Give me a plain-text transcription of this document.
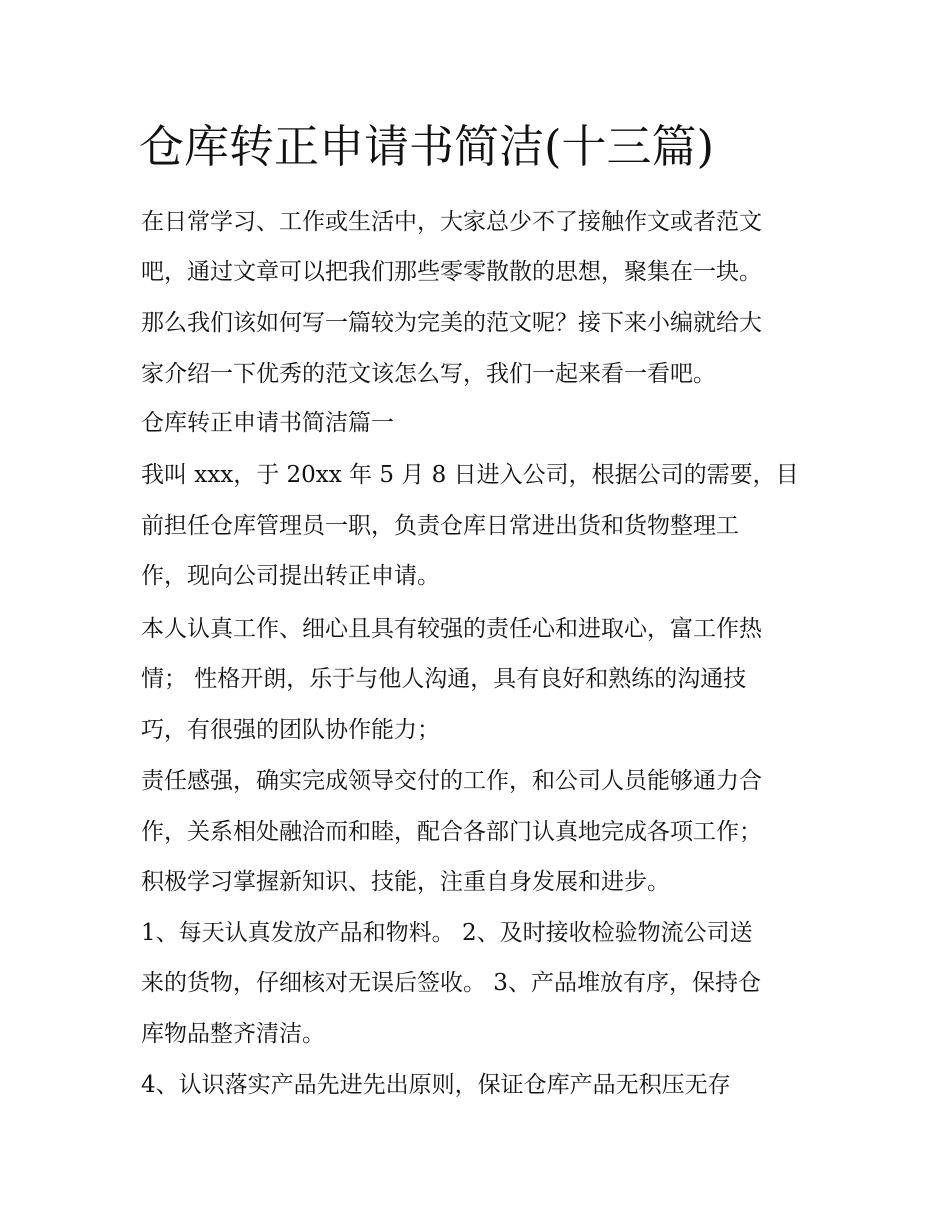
仓库转正申请书简洁(十三篇)

在日常学习、工作或生活中，大家总少不了接触作文或者范文

吧，通过文章可以把我们那些零零散散的思想，聚集在一块。

那么我们该如何写一篇较为完美的范文呢？接下来小编就给大

家介绍一下优秀的范文该怎么写，我们一起来看一看吧。

仓库转正申请书简洁篇一

我叫 xxx，于 20xx 年 5 月 8 日进入公司，根据公司的需要，目

前担任仓库管理员一职，负责仓库日常进出货和货物整理工

作，现向公司提出转正申请。

本人认真工作、细心且具有较强的责任心和进取心，富工作热

情； 性格开朗，乐于与他人沟通，具有良好和熟练的沟通技

巧，有很强的团队协作能力；

责任感强，确实完成领导交付的工作，和公司人员能够通力合

作，关系相处融洽而和睦，配合各部门认真地完成各项工作；

积极学习掌握新知识、技能，注重自身发展和进步。

1、每天认真发放产品和物料。 2、及时接收检验物流公司送

来的货物，仔细核对无误后签收。 3、产品堆放有序，保持仓

库物品整齐清洁。

4、认识落实产品先进先出原则，保证仓库产品无积压无存
